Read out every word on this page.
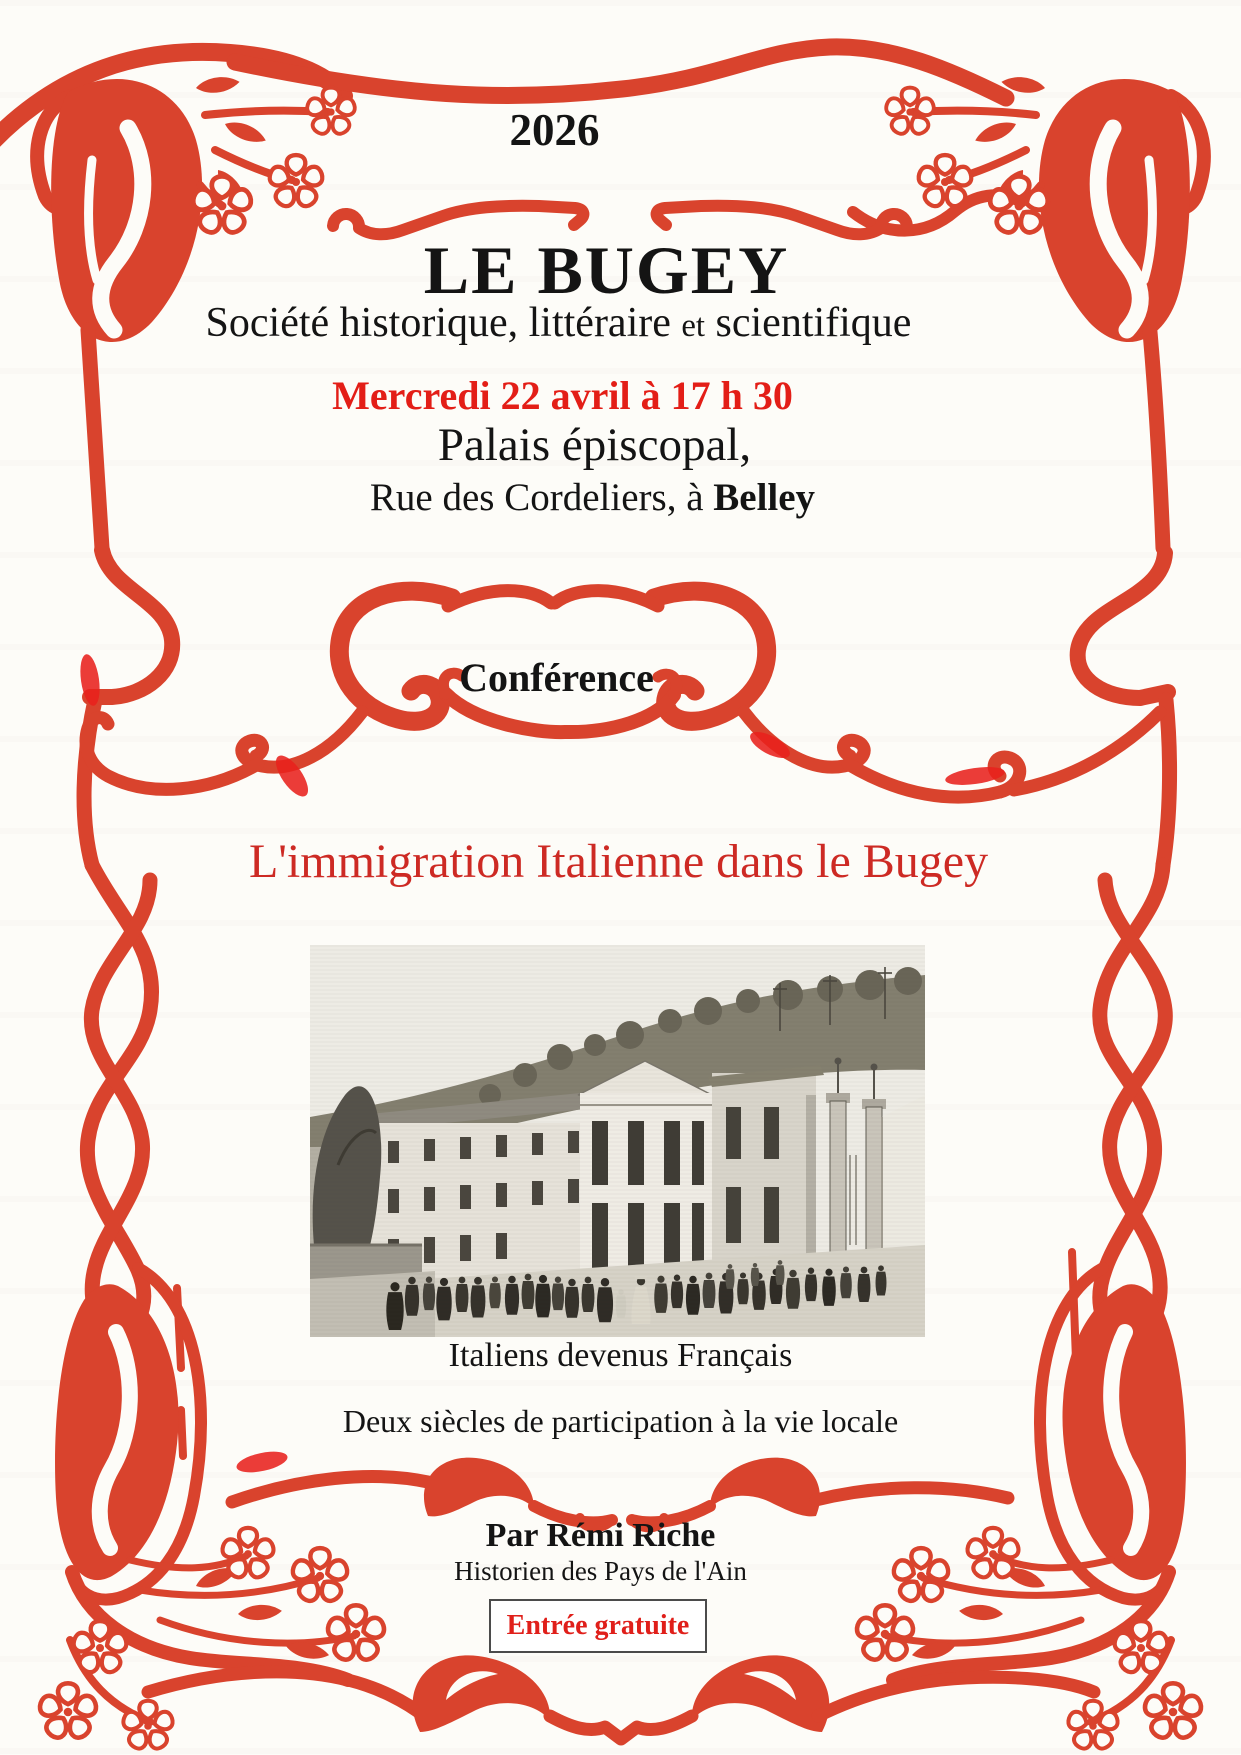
2026
LE BUGEY
Société historique, littéraire et scientifique
Mercredi 22 avril à 17 h 30
Palais épiscopal,
Rue des Cordeliers, à Belley
Conférence
L'immigration Italienne dans le Bugey
Italiens devenus Français
Deux siècles de participation à la vie locale
Par Rémi Riche
Historien des Pays de l'Ain
Entrée gratuite
